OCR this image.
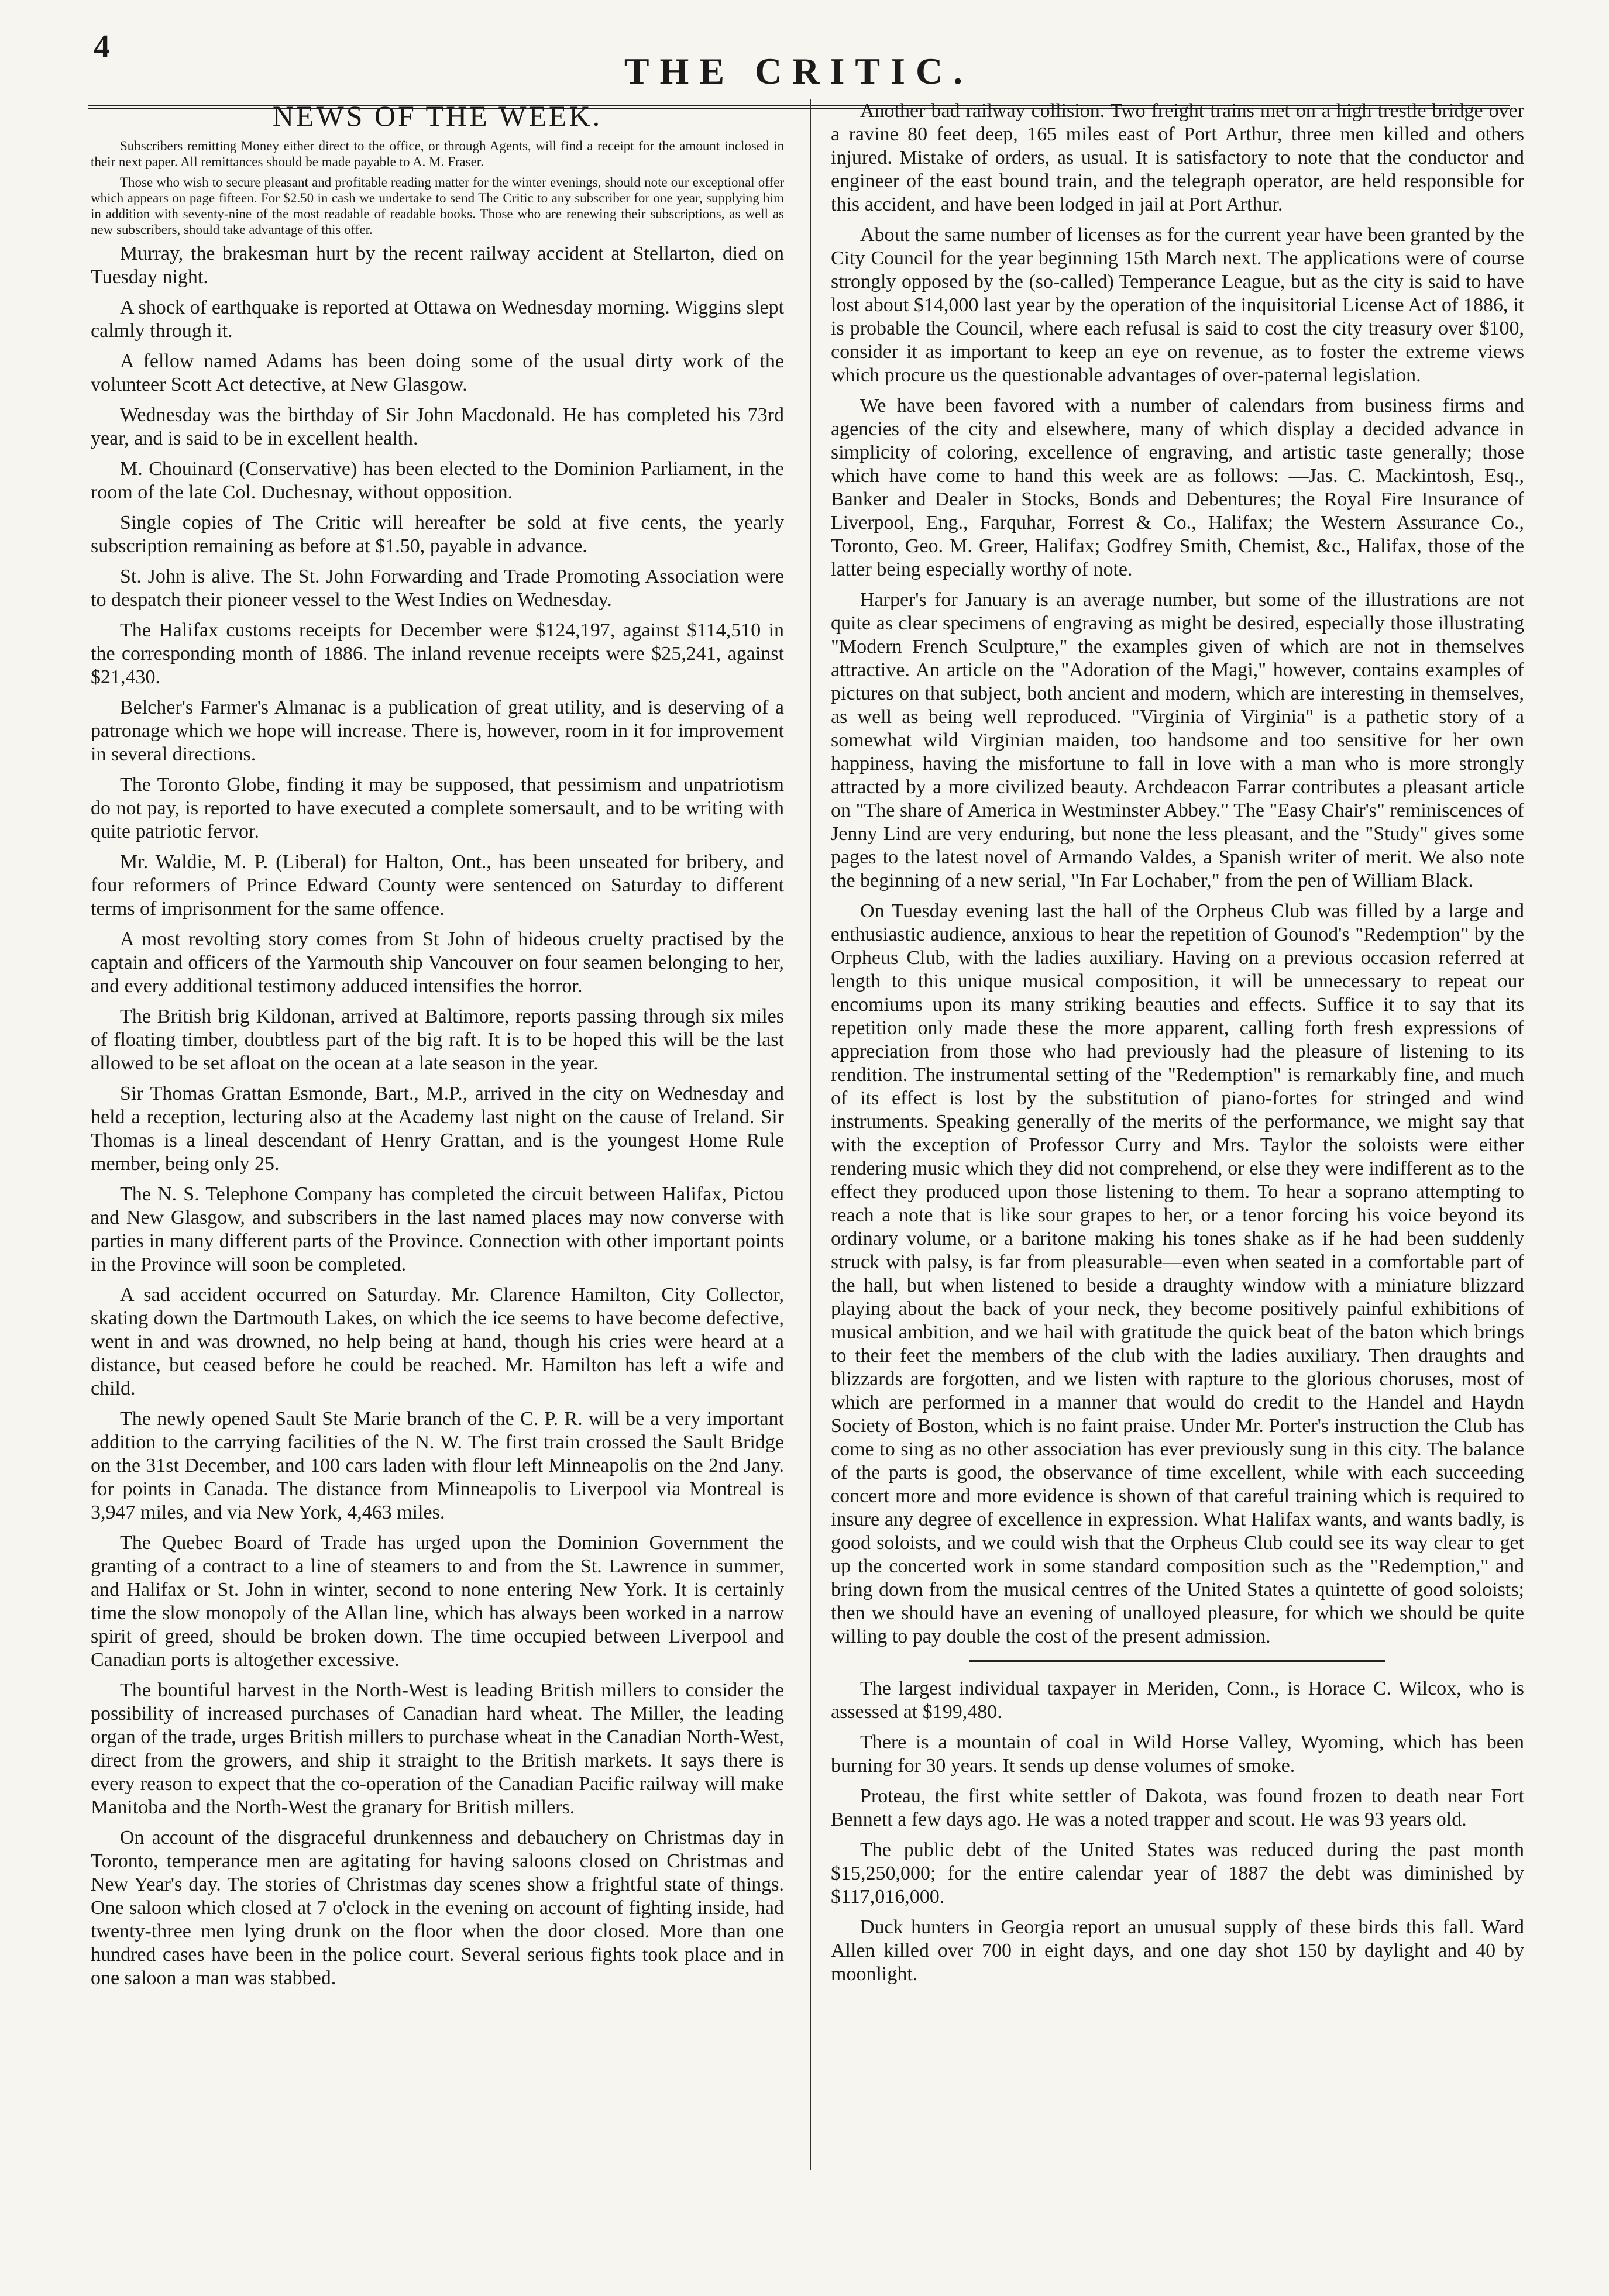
4
THE CRITIC.
NEWS OF THE WEEK.

Subscribers remitting Money either direct to the office, or through Agents, will find a receipt for the amount inclosed in their next paper. All remittances should be made payable to A. M. Fraser.

Those who wish to secure pleasant and profitable reading matter for the winter evenings, should note our exceptional offer which appears on page fifteen. For $2.50 in cash we undertake to send The Critic to any subscriber for one year, supplying him in addition with seventy-nine of the most readable of readable books. Those who are renewing their subscriptions, as well as new subscribers, should take advantage of this offer.

Murray, the brakesman hurt by the recent railway accident at Stellarton, died on Tuesday night.

A shock of earthquake is reported at Ottawa on Wednesday morning. Wiggins slept calmly through it.

A fellow named Adams has been doing some of the usual dirty work of the volunteer Scott Act detective, at New Glasgow.

Wednesday was the birthday of Sir John Macdonald. He has completed his 73rd year, and is said to be in excellent health.

M. Chouinard (Conservative) has been elected to the Dominion Parliament, in the room of the late Col. Duchesnay, without opposition.

Single copies of The Critic will hereafter be sold at five cents, the yearly subscription remaining as before at $1.50, payable in advance.

St. John is alive. The St. John Forwarding and Trade Promoting Association were to despatch their pioneer vessel to the West Indies on Wednesday.

The Halifax customs receipts for December were $124,197, against $114,510 in the corresponding month of 1886. The inland revenue receipts were $25,241, against $21,430.

Belcher's Farmer's Almanac is a publication of great utility, and is deserving of a patronage which we hope will increase. There is, however, room in it for improvement in several directions.

The Toronto Globe, finding it may be supposed, that pessimism and unpatriotism do not pay, is reported to have executed a complete somersault, and to be writing with quite patriotic fervor.

Mr. Waldie, M. P. (Liberal) for Halton, Ont., has been unseated for bribery, and four reformers of Prince Edward County were sentenced on Saturday to different terms of imprisonment for the same offence.

A most revolting story comes from St John of hideous cruelty practised by the captain and officers of the Yarmouth ship Vancouver on four seamen belonging to her, and every additional testimony adduced intensifies the horror.

The British brig Kildonan, arrived at Baltimore, reports passing through six miles of floating timber, doubtless part of the big raft. It is to be hoped this will be the last allowed to be set afloat on the ocean at a late season in the year.

Sir Thomas Grattan Esmonde, Bart., M.P., arrived in the city on Wednesday and held a reception, lecturing also at the Academy last night on the cause of Ireland. Sir Thomas is a lineal descendant of Henry Grattan, and is the youngest Home Rule member, being only 25.

The N. S. Telephone Company has completed the circuit between Halifax, Pictou and New Glasgow, and subscribers in the last named places may now converse with parties in many different parts of the Province. Connection with other important points in the Province will soon be completed.

A sad accident occurred on Saturday. Mr. Clarence Hamilton, City Collector, skating down the Dartmouth Lakes, on which the ice seems to have become defective, went in and was drowned, no help being at hand, though his cries were heard at a distance, but ceased before he could be reached. Mr. Hamilton has left a wife and child.

The newly opened Sault Ste Marie branch of the C. P. R. will be a very important addition to the carrying facilities of the N. W. The first train crossed the Sault Bridge on the 31st December, and 100 cars laden with flour left Minneapolis on the 2nd Jany. for points in Canada. The distance from Minneapolis to Liverpool via Montreal is 3,947 miles, and via New York, 4,463 miles.

The Quebec Board of Trade has urged upon the Dominion Government the granting of a contract to a line of steamers to and from the St. Lawrence in summer, and Halifax or St. John in winter, second to none entering New York. It is certainly time the slow monopoly of the Allan line, which has always been worked in a narrow spirit of greed, should be broken down. The time occupied between Liverpool and Canadian ports is altogether excessive.

The bountiful harvest in the North-West is leading British millers to consider the possibility of increased purchases of Canadian hard wheat. The Miller, the leading organ of the trade, urges British millers to purchase wheat in the Canadian North-West, direct from the growers, and ship it straight to the British markets. It says there is every reason to expect that the co-operation of the Canadian Pacific railway will make Manitoba and the North-West the granary for British millers.

On account of the disgraceful drunkenness and debauchery on Christmas day in Toronto, temperance men are agitating for having saloons closed on Christmas and New Year's day. The stories of Christmas day scenes show a frightful state of things. One saloon which closed at 7 o'clock in the evening on account of fighting inside, had twenty-three men lying drunk on the floor when the door closed. More than one hundred cases have been in the police court. Several serious fights took place and in one saloon a man was stabbed.

Another bad railway collision. Two freight trains met on a high trestle bridge over a ravine 80 feet deep, 165 miles east of Port Arthur, three men killed and others injured. Mistake of orders, as usual. It is satisfactory to note that the conductor and engineer of the east bound train, and the telegraph operator, are held responsible for this accident, and have been lodged in jail at Port Arthur.

About the same number of licenses as for the current year have been granted by the City Council for the year beginning 15th March next. The applications were of course strongly opposed by the (so-called) Temperance League, but as the city is said to have lost about $14,000 last year by the operation of the inquisitorial License Act of 1886, it is probable the Council, where each refusal is said to cost the city treasury over $100, consider it as important to keep an eye on revenue, as to foster the extreme views which procure us the questionable advantages of over-paternal legislation.

We have been favored with a number of calendars from business firms and agencies of the city and elsewhere, many of which display a decided advance in simplicity of coloring, excellence of engraving, and artistic taste generally; those which have come to hand this week are as follows: —Jas. C. Mackintosh, Esq., Banker and Dealer in Stocks, Bonds and Debentures; the Royal Fire Insurance of Liverpool, Eng., Farquhar, Forrest & Co., Halifax; the Western Assurance Co., Toronto, Geo. M. Greer, Halifax; Godfrey Smith, Chemist, &c., Halifax, those of the latter being especially worthy of note.

Harper's for January is an average number, but some of the illustrations are not quite as clear specimens of engraving as might be desired, especially those illustrating "Modern French Sculpture," the examples given of which are not in themselves attractive. An article on the "Adoration of the Magi," however, contains examples of pictures on that subject, both ancient and modern, which are interesting in themselves, as well as being well reproduced. "Virginia of Virginia" is a pathetic story of a somewhat wild Virginian maiden, too handsome and too sensitive for her own happiness, having the misfortune to fall in love with a man who is more strongly attracted by a more civilized beauty. Archdeacon Farrar contributes a pleasant article on "The share of America in Westminster Abbey." The "Easy Chair's" reminiscences of Jenny Lind are very enduring, but none the less pleasant, and the "Study" gives some pages to the latest novel of Armando Valdes, a Spanish writer of merit. We also note the beginning of a new serial, "In Far Lochaber," from the pen of William Black.

On Tuesday evening last the hall of the Orpheus Club was filled by a large and enthusiastic audience, anxious to hear the repetition of Gounod's "Redemption" by the Orpheus Club, with the ladies auxiliary. Having on a previous occasion referred at length to this unique musical composition, it will be unnecessary to repeat our encomiums upon its many striking beauties and effects. Suffice it to say that its repetition only made these the more apparent, calling forth fresh expressions of appreciation from those who had previously had the pleasure of listening to its rendition. The instrumental setting of the "Redemption" is remarkably fine, and much of its effect is lost by the substitution of piano-fortes for stringed and wind instruments. Speaking generally of the merits of the performance, we might say that with the exception of Professor Curry and Mrs. Taylor the soloists were either rendering music which they did not comprehend, or else they were indifferent as to the effect they produced upon those listening to them. To hear a soprano attempting to reach a note that is like sour grapes to her, or a tenor forcing his voice beyond its ordinary volume, or a baritone making his tones shake as if he had been suddenly struck with palsy, is far from pleasurable—even when seated in a comfortable part of the hall, but when listened to beside a draughty window with a miniature blizzard playing about the back of your neck, they become positively painful exhibitions of musical ambition, and we hail with gratitude the quick beat of the baton which brings to their feet the members of the club with the ladies auxiliary. Then draughts and blizzards are forgotten, and we listen with rapture to the glorious choruses, most of which are performed in a manner that would do credit to the Handel and Haydn Society of Boston, which is no faint praise. Under Mr. Porter's instruction the Club has come to sing as no other association has ever previously sung in this city. The balance of the parts is good, the observance of time excellent, while with each succeeding concert more and more evidence is shown of that careful training which is required to insure any degree of excellence in expression. What Halifax wants, and wants badly, is good soloists, and we could wish that the Orpheus Club could see its way clear to get up the concerted work in some standard composition such as the "Redemption," and bring down from the musical centres of the United States a quintette of good soloists; then we should have an evening of unalloyed pleasure, for which we should be quite willing to pay double the cost of the present admission.

The largest individual taxpayer in Meriden, Conn., is Horace C. Wilcox, who is assessed at $199,480.

There is a mountain of coal in Wild Horse Valley, Wyoming, which has been burning for 30 years. It sends up dense volumes of smoke.

Proteau, the first white settler of Dakota, was found frozen to death near Fort Bennett a few days ago. He was a noted trapper and scout. He was 93 years old.

The public debt of the United States was reduced during the past month $15,250,000; for the entire calendar year of 1887 the debt was diminished by $117,016,000.

Duck hunters in Georgia report an unusual supply of these birds this fall. Ward Allen killed over 700 in eight days, and one day shot 150 by daylight and 40 by moonlight.
